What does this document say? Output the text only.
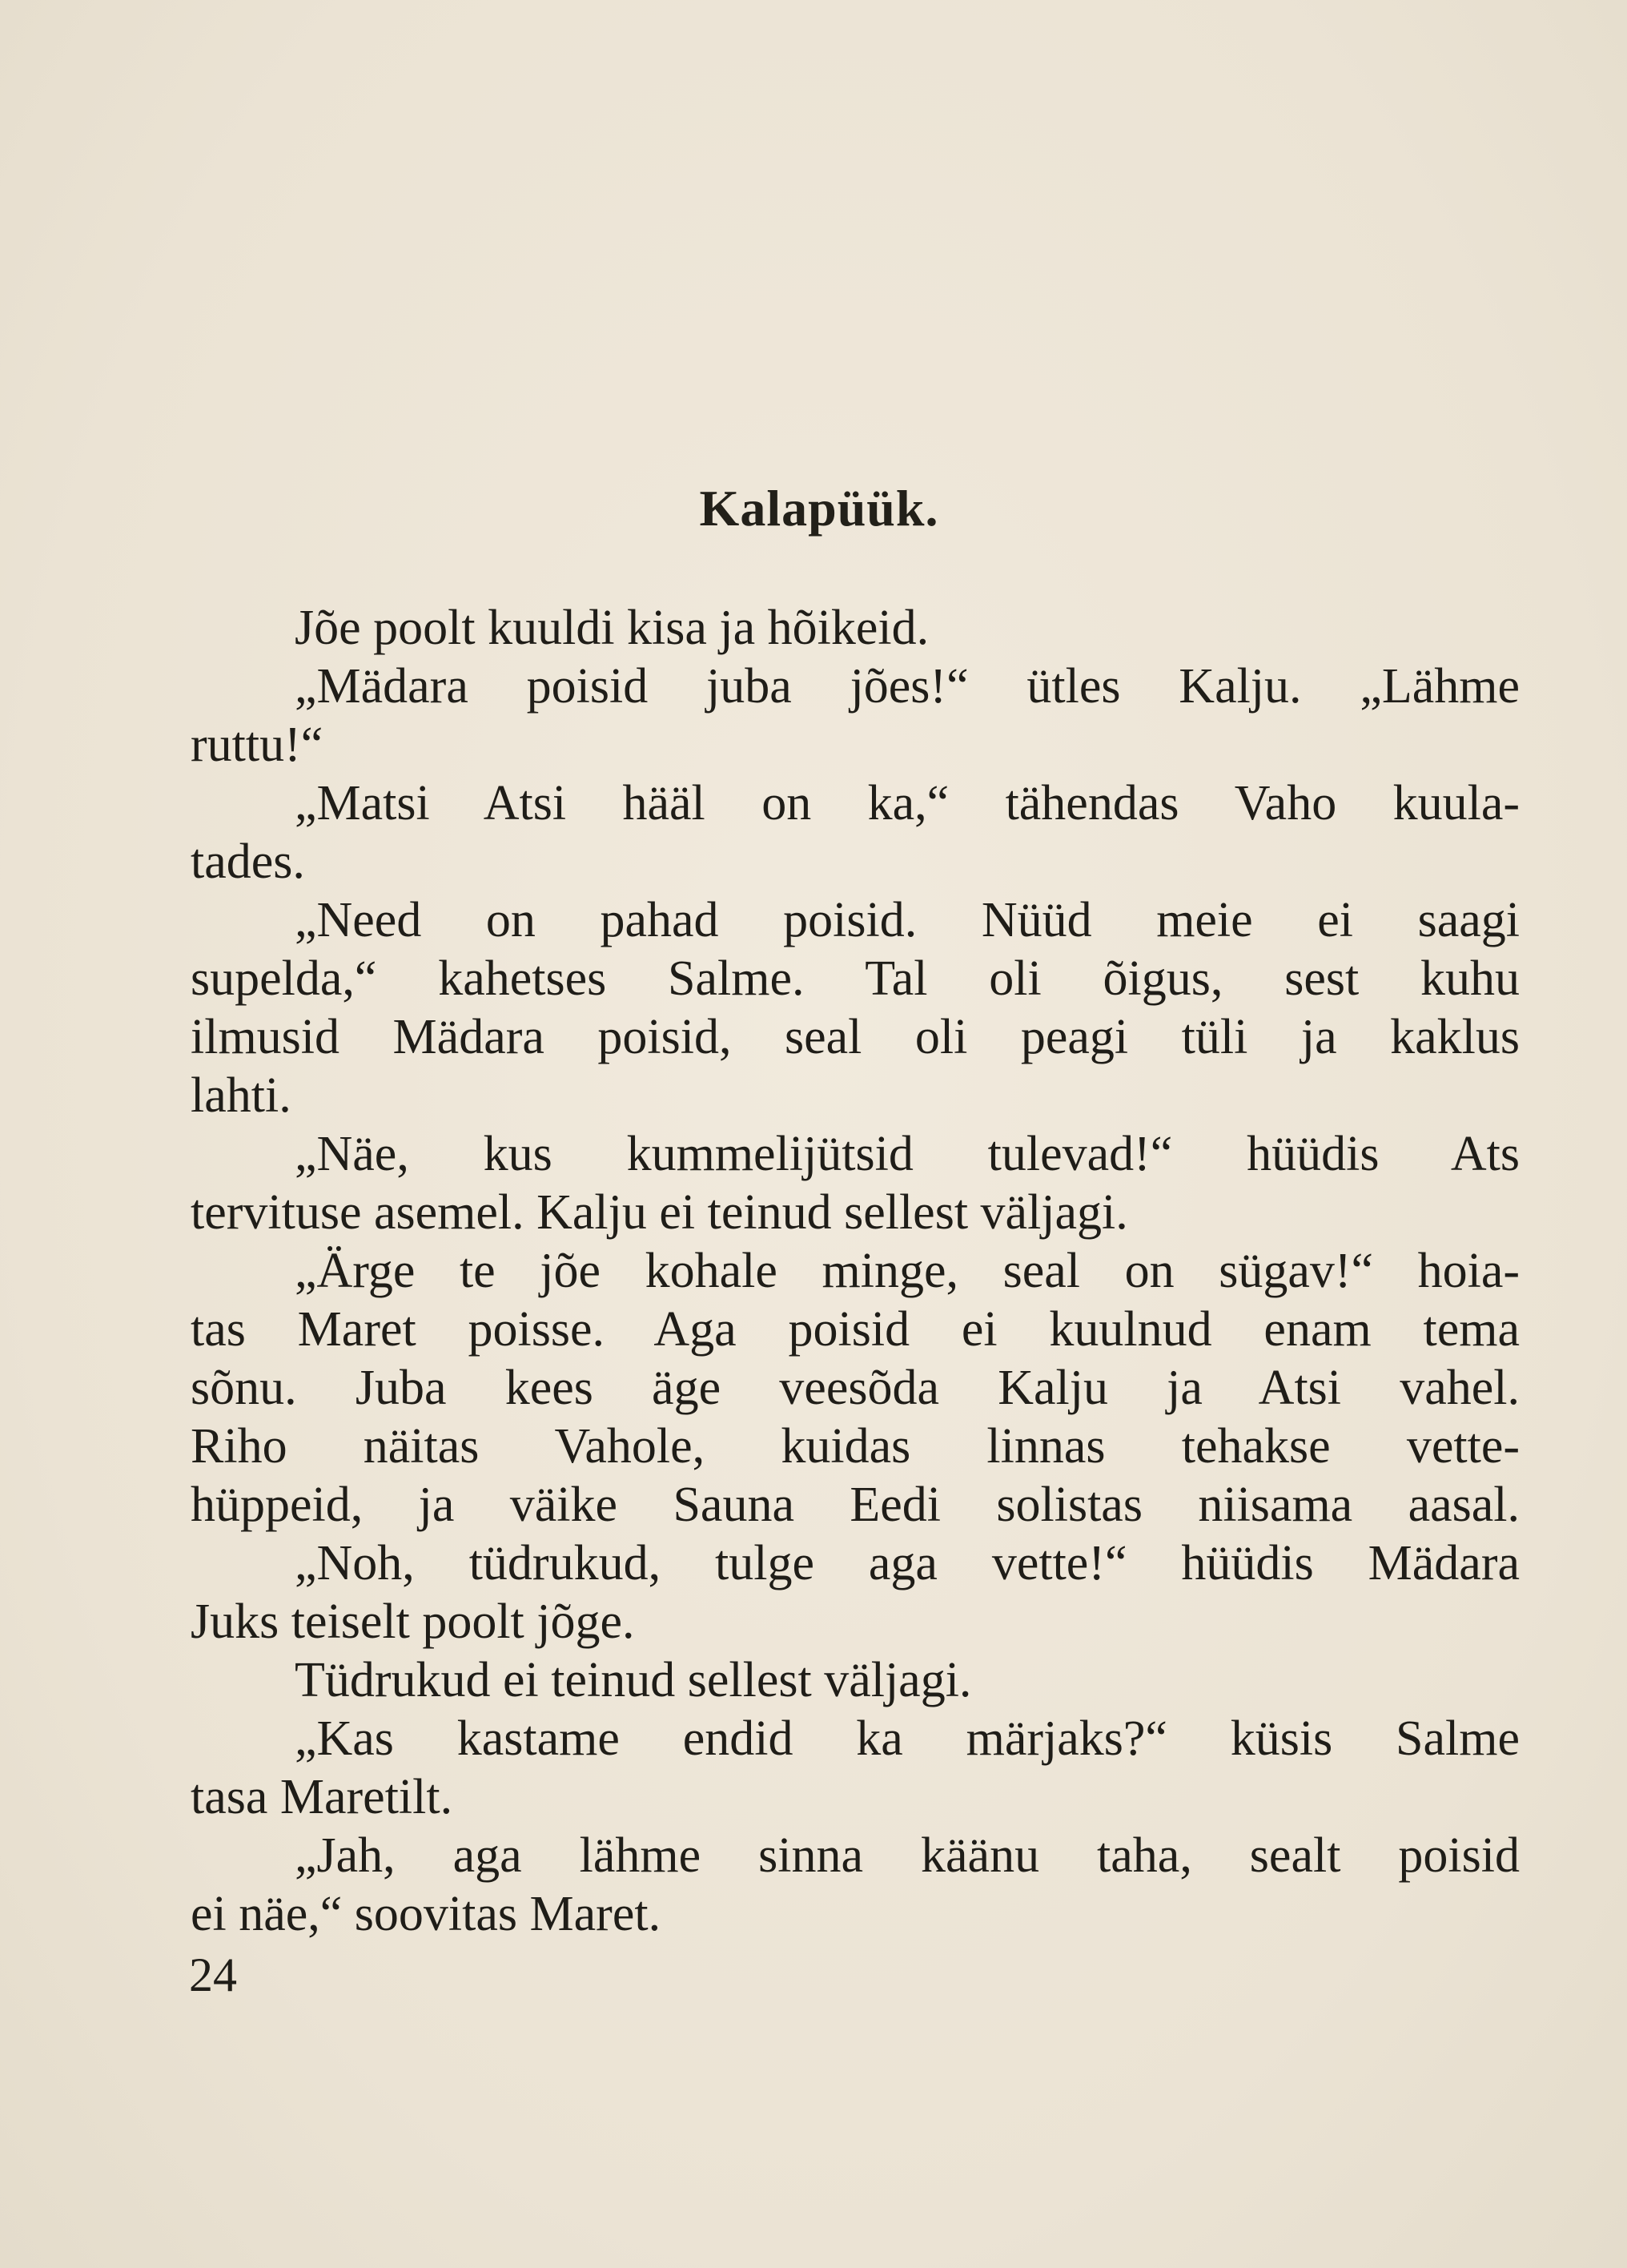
Kalapüük.
Jõe poolt kuuldi kisa ja hõikeid.
„Mädara poisid juba jões!“ ütles Kalju. „Lähme
ruttu!“
„Matsi Atsi hääl on ka,“ tähendas Vaho kuula-
tades.
„Need on pahad poisid. Nüüd meie ei saagi
supelda,“ kahetses Salme. Tal oli õigus, sest kuhu
ilmusid Mädara poisid, seal oli peagi tüli ja kaklus
lahti.
„Näe, kus kummelijütsid tulevad!“ hüüdis Ats
tervituse asemel. Kalju ei teinud sellest väljagi.
„Ärge te jõe kohale minge, seal on sügav!“ hoia-
tas Maret poisse. Aga poisid ei kuulnud enam tema
sõnu. Juba kees äge veesõda Kalju ja Atsi vahel.
Riho näitas Vahole, kuidas linnas tehakse vette-
hüppeid, ja väike Sauna Eedi solistas niisama aasal.
„Noh, tüdrukud, tulge aga vette!“ hüüdis Mädara
Juks teiselt poolt jõge.
Tüdrukud ei teinud sellest väljagi.
„Kas kastame endid ka märjaks?“ küsis Salme
tasa Maretilt.
„Jah, aga lähme sinna käänu taha, sealt poisid
ei näe,“ soovitas Maret.
24
